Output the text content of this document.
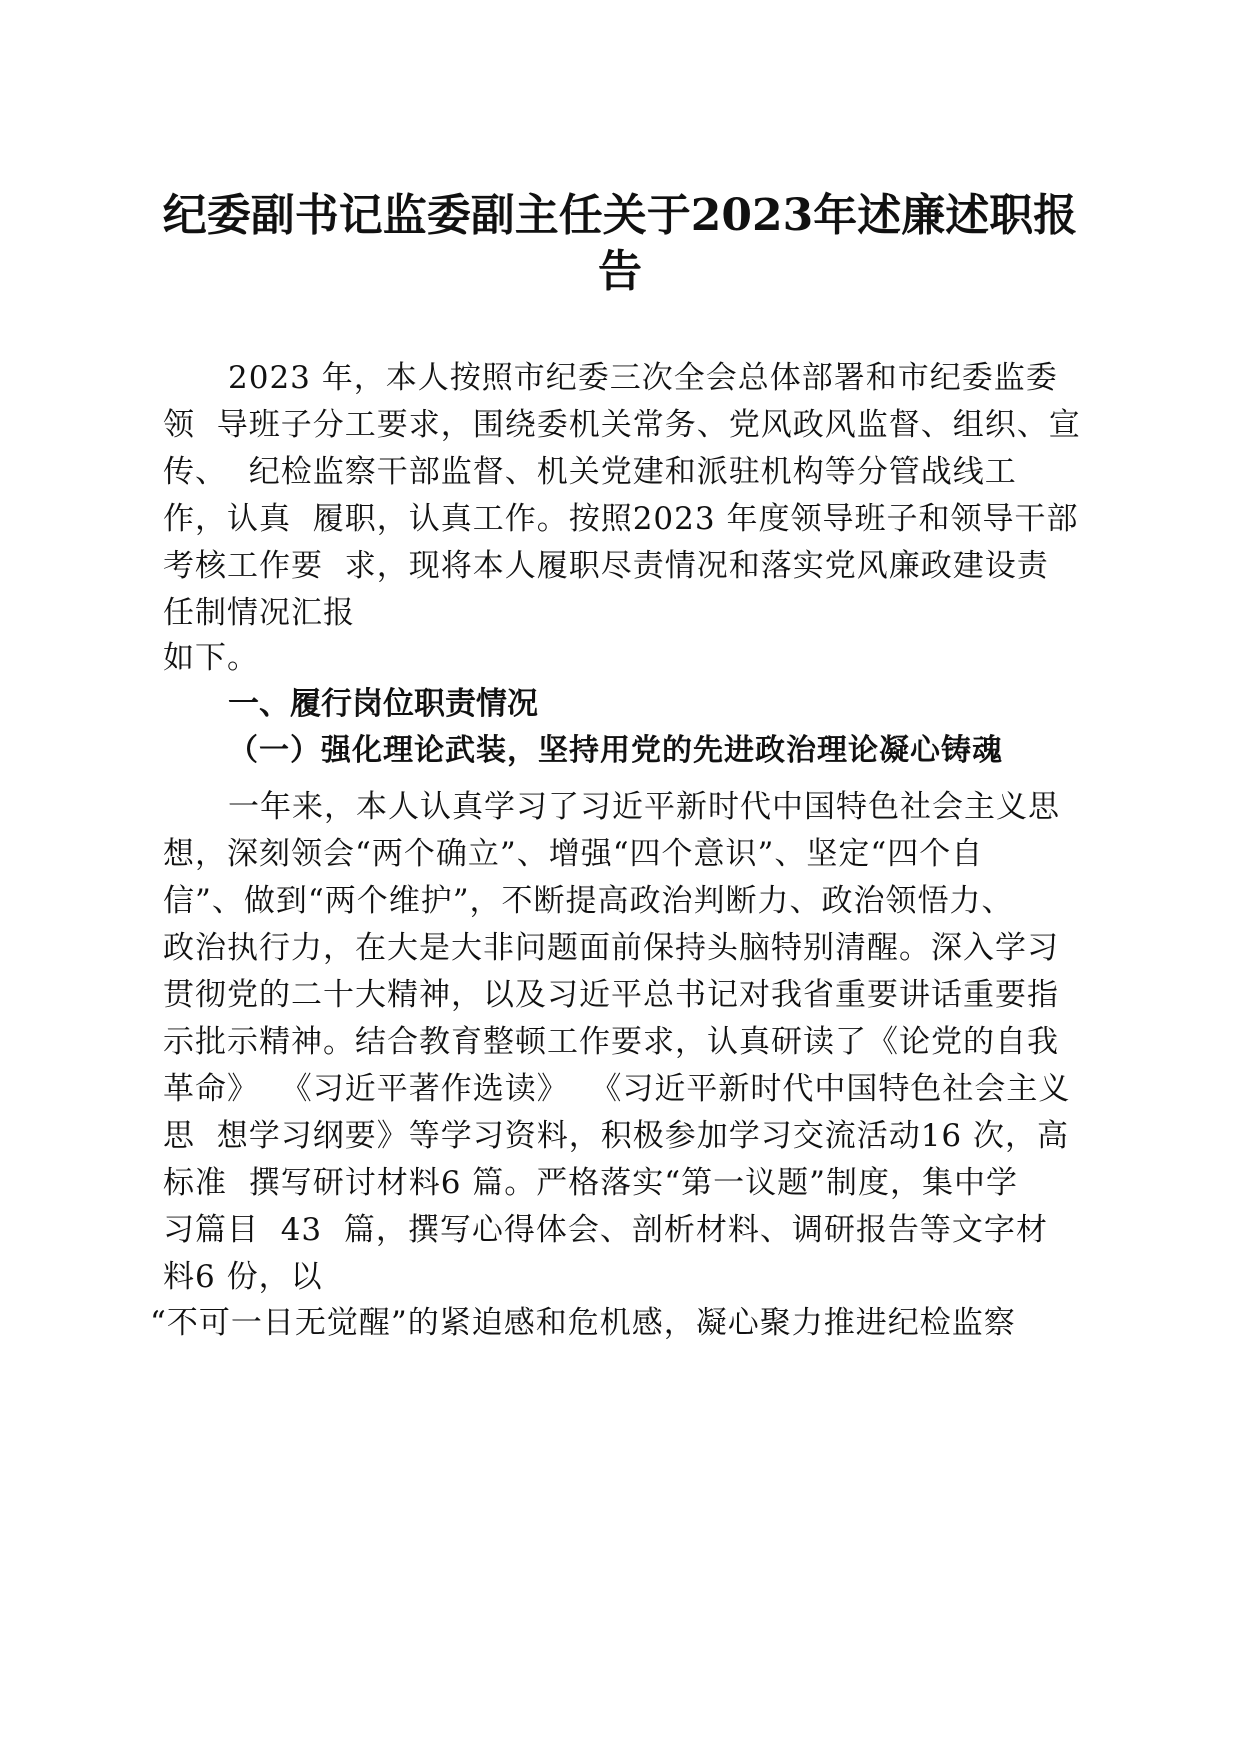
纪委副书记监委副主任关于2023年述廉述职报
告
2023 年，本人按照市纪委三次全会总体部署和市纪委监委
领  导班子分工要求，围绕委机关常务、党风政风监督、组织、宣
传、  纪检监察干部监督、机关党建和派驻机构等分管战线工
作，认真  履职，认真工作。按照2023 年度领导班子和领导干部
考核工作要  求，现将本人履职尽责情况和落实党风廉政建设责
任制情况汇报
如下。
一、履行岗位职责情况
（一）强化理论武装，坚持用党的先进政治理论凝心铸魂
一年来，本人认真学习了习近平新时代中国特色社会主义思
想，深刻领会“两个确立”、增强“四个意识”、坚定“四个自
信”、做到“两个维护”，不断提高政治判断力、政治领悟力、
政治执行力，在大是大非问题面前保持头脑特别清醒。深入学习
贯彻党的二十大精神，以及习近平总书记对我省重要讲话重要指
示批示精神。结合教育整顿工作要求，认真研读了《论党的自我
革命》  《习近平著作选读》  《习近平新时代中国特色社会主义
思  想学习纲要》等学习资料，积极参加学习交流活动16 次，高
标准  撰写研讨材料6 篇。严格落实“第一议题”制度，集中学
习篇目  43  篇，撰写心得体会、剖析材料、调研报告等文字材
料6 份，以
“不可一日无觉醒”的紧迫感和危机感，凝心聚力推进纪检监察
